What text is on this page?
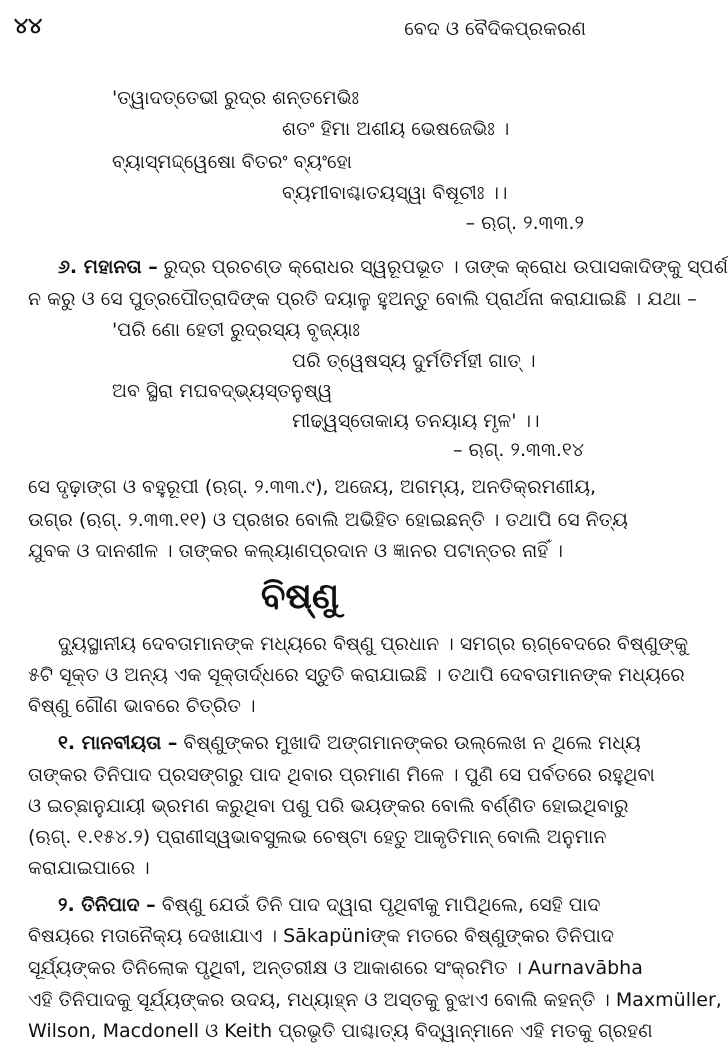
୪୪	ବେଦ ଓ ବୈଦିକପ୍ରକରଣ
'ତ୍ୱାଦତ୍ତେଭୀ ରୁଦ୍ର ଶନ୍ତମେଭିଃ
ଶତଂ ହିମା ଅଶୀୟ ଭେଷଜେଭିଃ ।
ବ୍ୟାସ୍ମଦ୍ଦ୍ୱେଷୋ ବିତରଂ ବ୍ୟଂହୋ
ବ୍ୟମୀବାଶ୍ଚାତୟସ୍ୱା ବିଷୂଚୀଃ ।।
– ଋଗ୍. ୨.୩୩.୨
୬. ମହାନତା – ରୁଦ୍ର ପ୍ରଚଣ୍ଡ କ୍ରୋଧର ସ୍ୱରୂପଭୂତ । ତାଙ୍କ କ୍ରୋଧ ଉପାସକାଦିଙ୍କୁ ସ୍ପର୍ଶ
ନ କରୁ ଓ ସେ ପୁତ୍ରପୌତ୍ରାଦିଙ୍କ ପ୍ରତି ଦୟାଳୁ ହୁଅନ୍ତୁ ବୋଲି ପ୍ରାର୍ଥନା କରାଯାଇଛି । ଯଥା –
'ପରି ଣୋ ହେତୀ ରୁଦ୍ରସ୍ୟ ବୃଜ୍ୟାଃ
ପରି ତ୍ୱେଷସ୍ୟ ଦୁର୍ମତିର୍ମହୀ ଗାତ୍ ।
ଅବ ସ୍ଥିରା ମଘବଦ୍ଭ୍ୟସ୍ତନୁଷ୍ୱ
ମୀଢ୍ୱସ୍ତୋକାୟ ତନୟାୟ ମୃଳ' ।।
– ଋଗ୍. ୨.୩୩.୧୪
ସେ ଦୃଢ଼ାଙ୍ଗ ଓ ବହୁରୂପୀ (ଋଗ୍. ୨.୩୩.୯), ଅଜେୟ, ଅଗମ୍ୟ, ଅନତିକ୍ରମଣୀୟ,
ଉଗ୍ର (ଋଗ୍. ୨.୩୩.୧୧) ଓ ପ୍ରଖର ବୋଲି ଅଭିହିତ ହୋଇଛନ୍ତି । ତଥାପି ସେ ନିତ୍ୟ
ଯୁବକ ଓ ଦାନଶୀଳ । ତାଙ୍କର କଲ୍ୟାଣପ୍ରଦାନ ଓ ଜ୍ଞାନର ପଟାନ୍ତର ନାହିଁ ।
ବିଷ୍ଣୁ
ଦ୍ୟୁସ୍ଥାନୀୟ ଦେବତାମାନଙ୍କ ମଧ୍ୟରେ ବିଷ୍ଣୁ ପ୍ରଧାନ । ସମଗ୍ର ଋଗ୍‌ବେଦରେ ବିଷ୍ଣୁଙ୍କୁ
୫ଟି ସୂକ୍ତ ଓ ଅନ୍ୟ ଏକ ସୂକ୍ତାର୍ଦ୍ଧରେ ସ୍ତୁତି କରାଯାଇଛି । ତଥାପି ଦେବତାମାନଙ୍କ ମଧ୍ୟରେ
ବିଷ୍ଣୁ ଗୌଣ ଭାବରେ ଚିତ୍ରିତ ।
୧. ମାନବୀୟତା – ବିଷ୍ଣୁଙ୍କର ମୁଖାଦି ଅଙ୍ଗମାନଙ୍କର ଉଲ୍ଲେଖ ନ ଥିଲେ ମଧ୍ୟ
ତାଙ୍କର ତିନିପାଦ ପ୍ରସଙ୍ଗରୁ ପାଦ ଥିବାର ପ୍ରମାଣ ମିଳେ । ପୁଣି ସେ ପର୍ବତରେ ରହୁଥିବା
ଓ ଇଚ୍ଛାନୁଯାୟୀ ଭ୍ରମଣ କରୁଥିବା ପଶୁ ପରି ଭୟଙ୍କର ବୋଲି ବର୍ଣ୍ଣିତ ହୋଇଥିବାରୁ
(ଋଗ୍. ୧.୧୫୪.୨) ପ୍ରାଣୀସ୍ୱଭାବସୁଲଭ ଚେଷ୍ଟା ହେତୁ ଆକୃତିମାନ୍ ବୋଲି ଅନୁମାନ
କରାଯାଇପାରେ ।
୨. ତିନିପାଦ – ବିଷ୍ଣୁ ଯେଉଁ ତିନି ପାଦ ଦ୍ୱାରା ପୃଥିବୀକୁ ମାପିଥିଲେ, ସେହି ପାଦ
ବିଷୟରେ ମତାନୈକ୍ୟ ଦେଖାଯାଏ । Sākapüniଙ୍କ ମତରେ ବିଷ୍ଣୁଙ୍କର ତିନିପାଦ
ସୂର୍ଯ୍ୟଙ୍କର ତିନିଲୋକ ପୃଥିବୀ, ଅନ୍ତରୀକ୍ଷ ଓ ଆକାଶରେ ସଂକ୍ରମିତ । Aurnavābha
ଏହି ତିନିପାଦକୁ ସୂର୍ଯ୍ୟଙ୍କର ଉଦୟ, ମଧ୍ୟାହ୍ନ ଓ ଅସ୍ତକୁ ବୁଝାଏ ବୋଲି କହନ୍ତି । Maxmüller,
Wilson, Macdonell ଓ Keith ପ୍ରଭୃତି ପାଶ୍ଚାତ୍ୟ ବିଦ୍ୱାନ୍‌ମାନେ ଏହି ମତକୁ ଗ୍ରହଣ
